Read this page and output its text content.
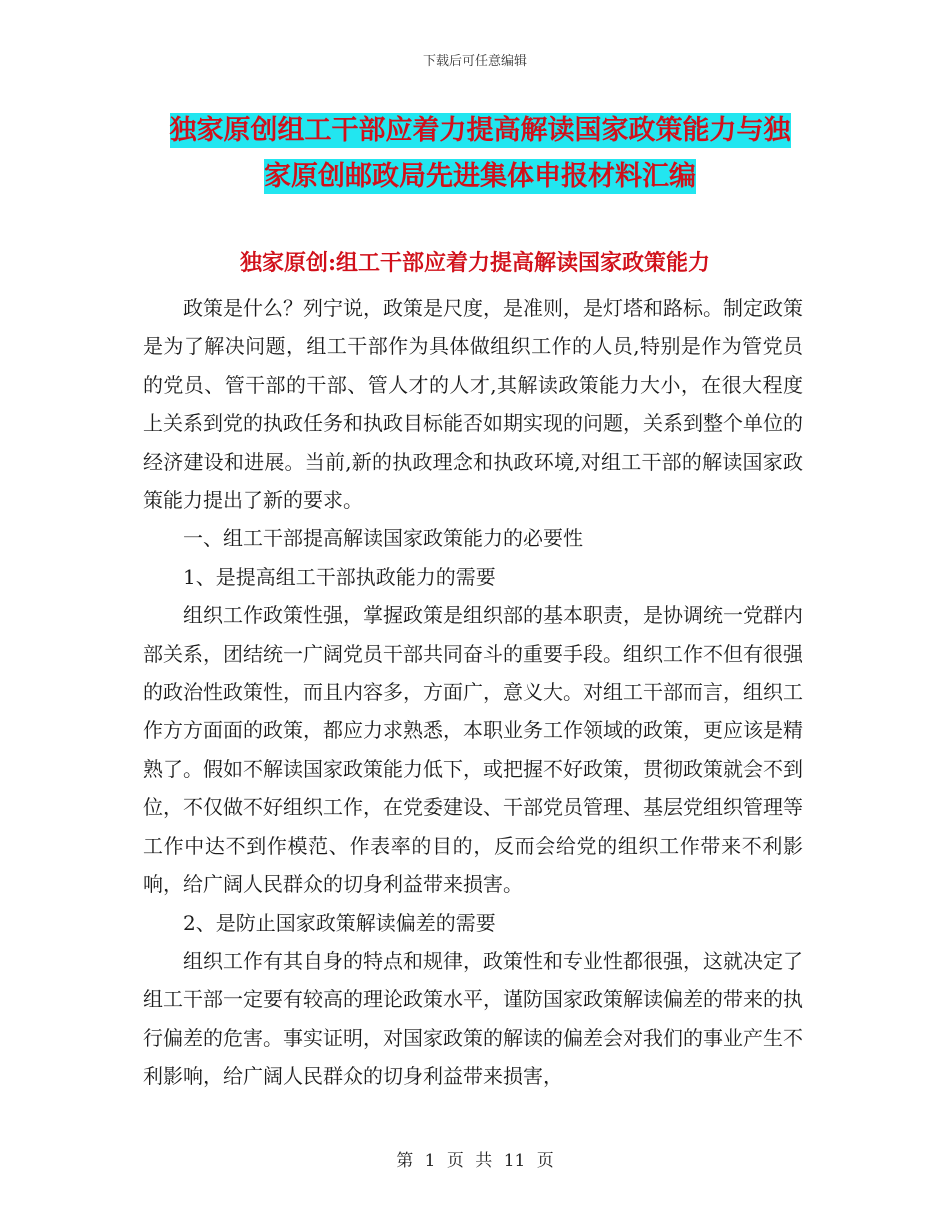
下载后可任意编辑
独家原创组工干部应着力提高解读国家政策能力与独
家原创邮政局先进集体申报材料汇编
独家原创:组工干部应着力提高解读国家政策能力

政策是什么？列宁说，政策是尺度，是准则，是灯塔和路标。制定政策是为了解决问题，组工干部作为具体做组织工作的人员,特别是作为管党员的党员、管干部的干部、管人才的人才,其解读政策能力大小，在很大程度上关系到党的执政任务和执政目标能否如期实现的问题，关系到整个单位的经济建设和进展。当前,新的执政理念和执政环境,对组工干部的解读国家政策能力提出了新的要求。

一、组工干部提高解读国家政策能力的必要性

1、是提高组工干部执政能力的需要

组织工作政策性强，掌握政策是组织部的基本职责，是协调统一党群内部关系，团结统一广阔党员干部共同奋斗的重要手段。组织工作不但有很强的政治性政策性，而且内容多，方面广，意义大。对组工干部而言，组织工作方方面面的政策，都应力求熟悉，本职业务工作领域的政策，更应该是精熟了。假如不解读国家政策能力低下，或把握不好政策，贯彻政策就会不到位，不仅做不好组织工作，在党委建设、干部党员管理、基层党组织管理等工作中达不到作模范、作表率的目的，反而会给党的组织工作带来不利影响，给广阔人民群众的切身利益带来损害。

2、是防止国家政策解读偏差的需要

组织工作有其自身的特点和规律，政策性和专业性都很强，这就决定了组工干部一定要有较高的理论政策水平，谨防国家政策解读偏差的带来的执行偏差的危害。事实证明，对国家政策的解读的偏差会对我们的事业产生不利影响，给广阔人民群众的切身利益带来损害，

第 1 页 共 11 页
